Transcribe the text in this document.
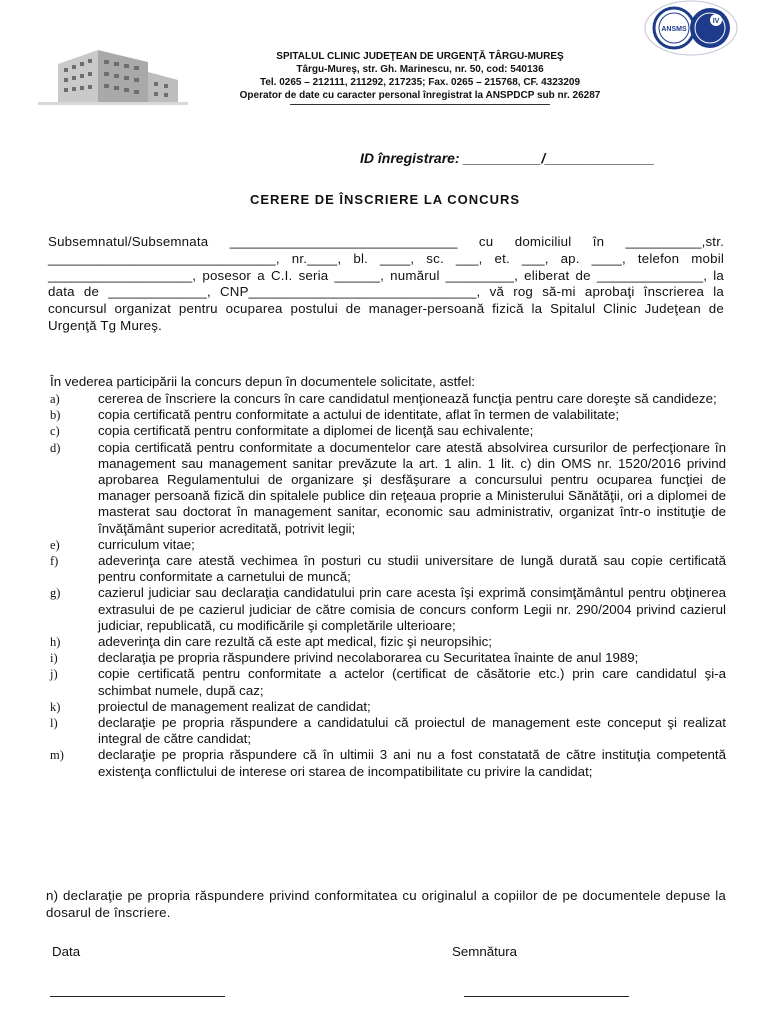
ANSMS
IV
SPITALUL CLINIC JUDEŢEAN DE URGENŢĂ TÂRGU-MUREŞ
Târgu-Mureş, str. Gh. Marinescu, nr. 50, cod: 540136
Tel. 0265 – 212111, 211292, 217235; Fax. 0265 – 215768, CF. 4323209
Operator de date cu caracter personal înregistrat la ANSPDCP sub nr. 26287
ID înregistrare: __________/______________
CERERE DE ÎNSCRIERE LA CONCURS
Subsemnatul/Subsemnata ______________________________ cu domiciliul în __________,str. ______________________________, nr.____, bl. ____, sc. ___, et. ___, ap. ____, telefon mobil ___________________, posesor a C.I. seria ______, numărul _________, eliberat de ______________, la data de _____________, CNP______________________________, vă rog să-mi aprobaţi înscrierea la concursul organizat pentru ocuparea postului de manager-persoană fizică la Spitalul Clinic Judeţean de Urgenţă Tg Mureş.
În vederea participării la concurs depun în documentele solicitate, astfel:
a)	cererea de înscriere la concurs în care candidatul menţionează funcţia pentru care doreşte să candideze;
b)	copia certificată pentru conformitate a actului de identitate, aflat în termen de valabilitate;
c)	copia certificată pentru conformitate a diplomei de licenţă sau echivalente;
d)	copia certificată pentru conformitate a documentelor care atestă absolvirea cursurilor de perfecţionare în management sau management sanitar prevăzute la art. 1 alin. 1 lit. c) din OMS nr. 1520/2016 privind aprobarea Regulamentului de organizare şi desfăşurare a concursului pentru ocuparea funcţiei de manager persoană fizică din spitalele publice din reţeaua proprie a Ministerului Sănătăţii, ori a diplomei de masterat sau doctorat în management sanitar, economic sau administrativ, organizat într-o instituţie de învăţământ superior acreditată, potrivit legii;
e)	curriculum vitae;
f)	adeverinţa care atestă vechimea în posturi cu studii universitare de lungă durată sau copie certificată pentru conformitate a carnetului de muncă;
g)	cazierul judiciar sau declaraţia candidatului prin care acesta îşi exprimă consimţământul pentru obţinerea extrasului de pe cazierul judiciar de către comisia de concurs conform Legii nr. 290/2004 privind cazierul judiciar, republicată, cu modificările şi completările ulterioare;
h)	adeverinţa din care rezultă că este apt medical, fizic şi neuropsihic;
i)	declaraţia pe propria răspundere privind necolaborarea cu Securitatea înainte de anul 1989;
j)	copie certificată pentru conformitate a actelor (certificat de căsătorie etc.) prin care candidatul şi-a schimbat numele, după caz;
k)	proiectul de management realizat de candidat;
l)	declaraţie pe propria răspundere a candidatului că proiectul de management este conceput şi realizat integral de către candidat;
m)	declaraţie pe propria răspundere că în ultimii 3 ani nu a fost constatată de către instituţia competentă existenţa conflictului de interese ori starea de incompatibilitate cu privire la candidat;
n) declaraţie pe propria răspundere privind conformitatea cu originalul a copiilor de pe documentele depuse la dosarul de înscriere.
Data	Semnătura
